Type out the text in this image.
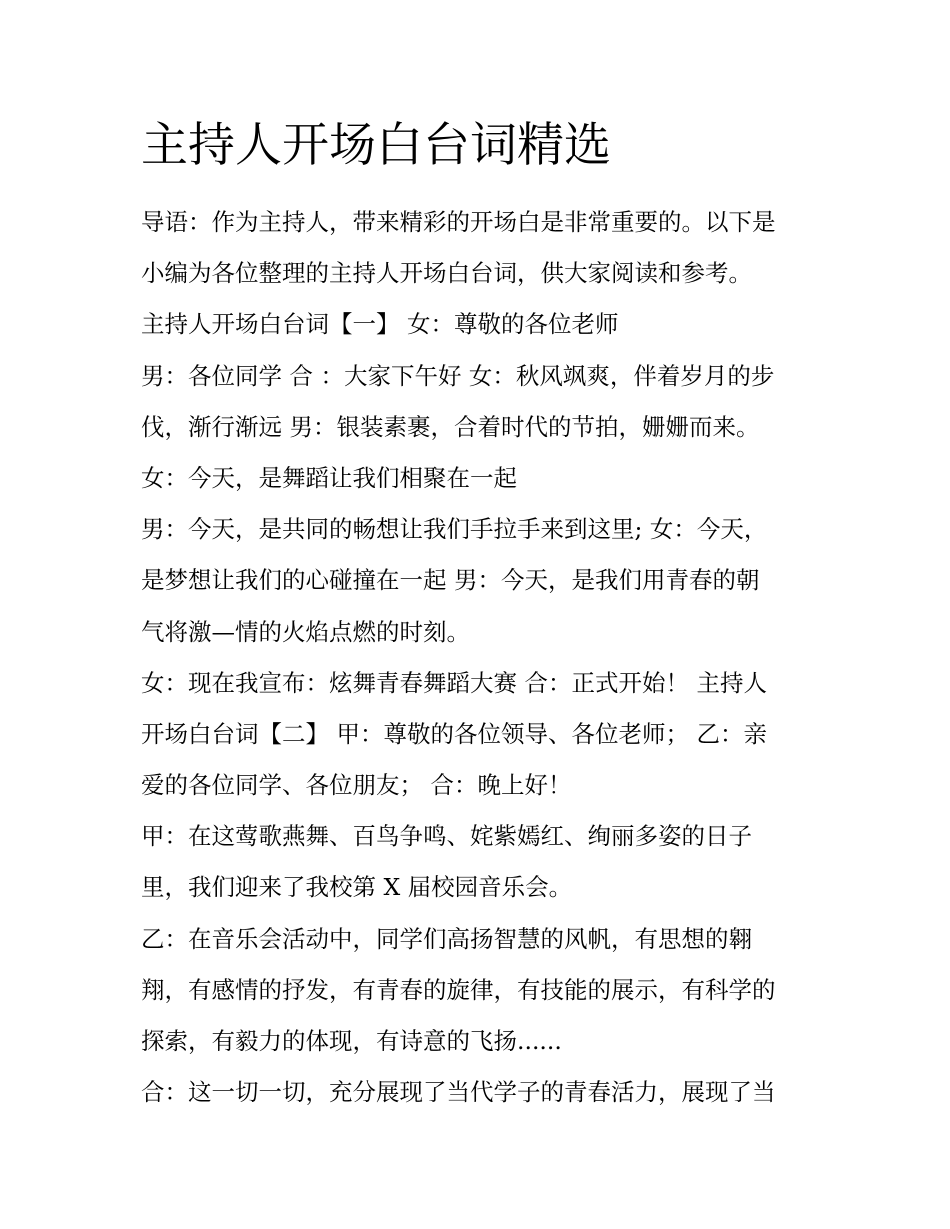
主持人开场白台词精选
导语：作为主持人，带来精彩的开场白是非常重要的。以下是
小编为各位整理的主持人开场白台词，供大家阅读和参考。
主持人开场白台词【一】 女：尊敬的各位老师
男：各位同学 合 ：大家下午好 女：秋风飒爽，伴着岁月的步
伐，渐行渐远 男：银装素裹，合着时代的节拍，姗姗而来。
女：今天，是舞蹈让我们相聚在一起
男：今天，是共同的畅想让我们手拉手来到这里; 女：今天，
是梦想让我们的心碰撞在一起 男：今天，是我们用青春的朝
气将激—情的火焰点燃的时刻。
女：现在我宣布：炫舞青春舞蹈大赛 合：正式开始！ 主持人
开场白台词【二】 甲：尊敬的各位领导、各位老师； 乙：亲
爱的各位同学、各位朋友； 合：晚上好！
甲：在这莺歌燕舞、百鸟争鸣、姹紫嫣红、绚丽多姿的日子
里，我们迎来了我校第 X 届校园音乐会。
乙：在音乐会活动中，同学们高扬智慧的风帆，有思想的翱
翔，有感情的抒发，有青春的旋律，有技能的展示，有科学的
探索，有毅力的体现，有诗意的飞扬......
合：这一切一切，充分展现了当代学子的青春活力，展现了当
